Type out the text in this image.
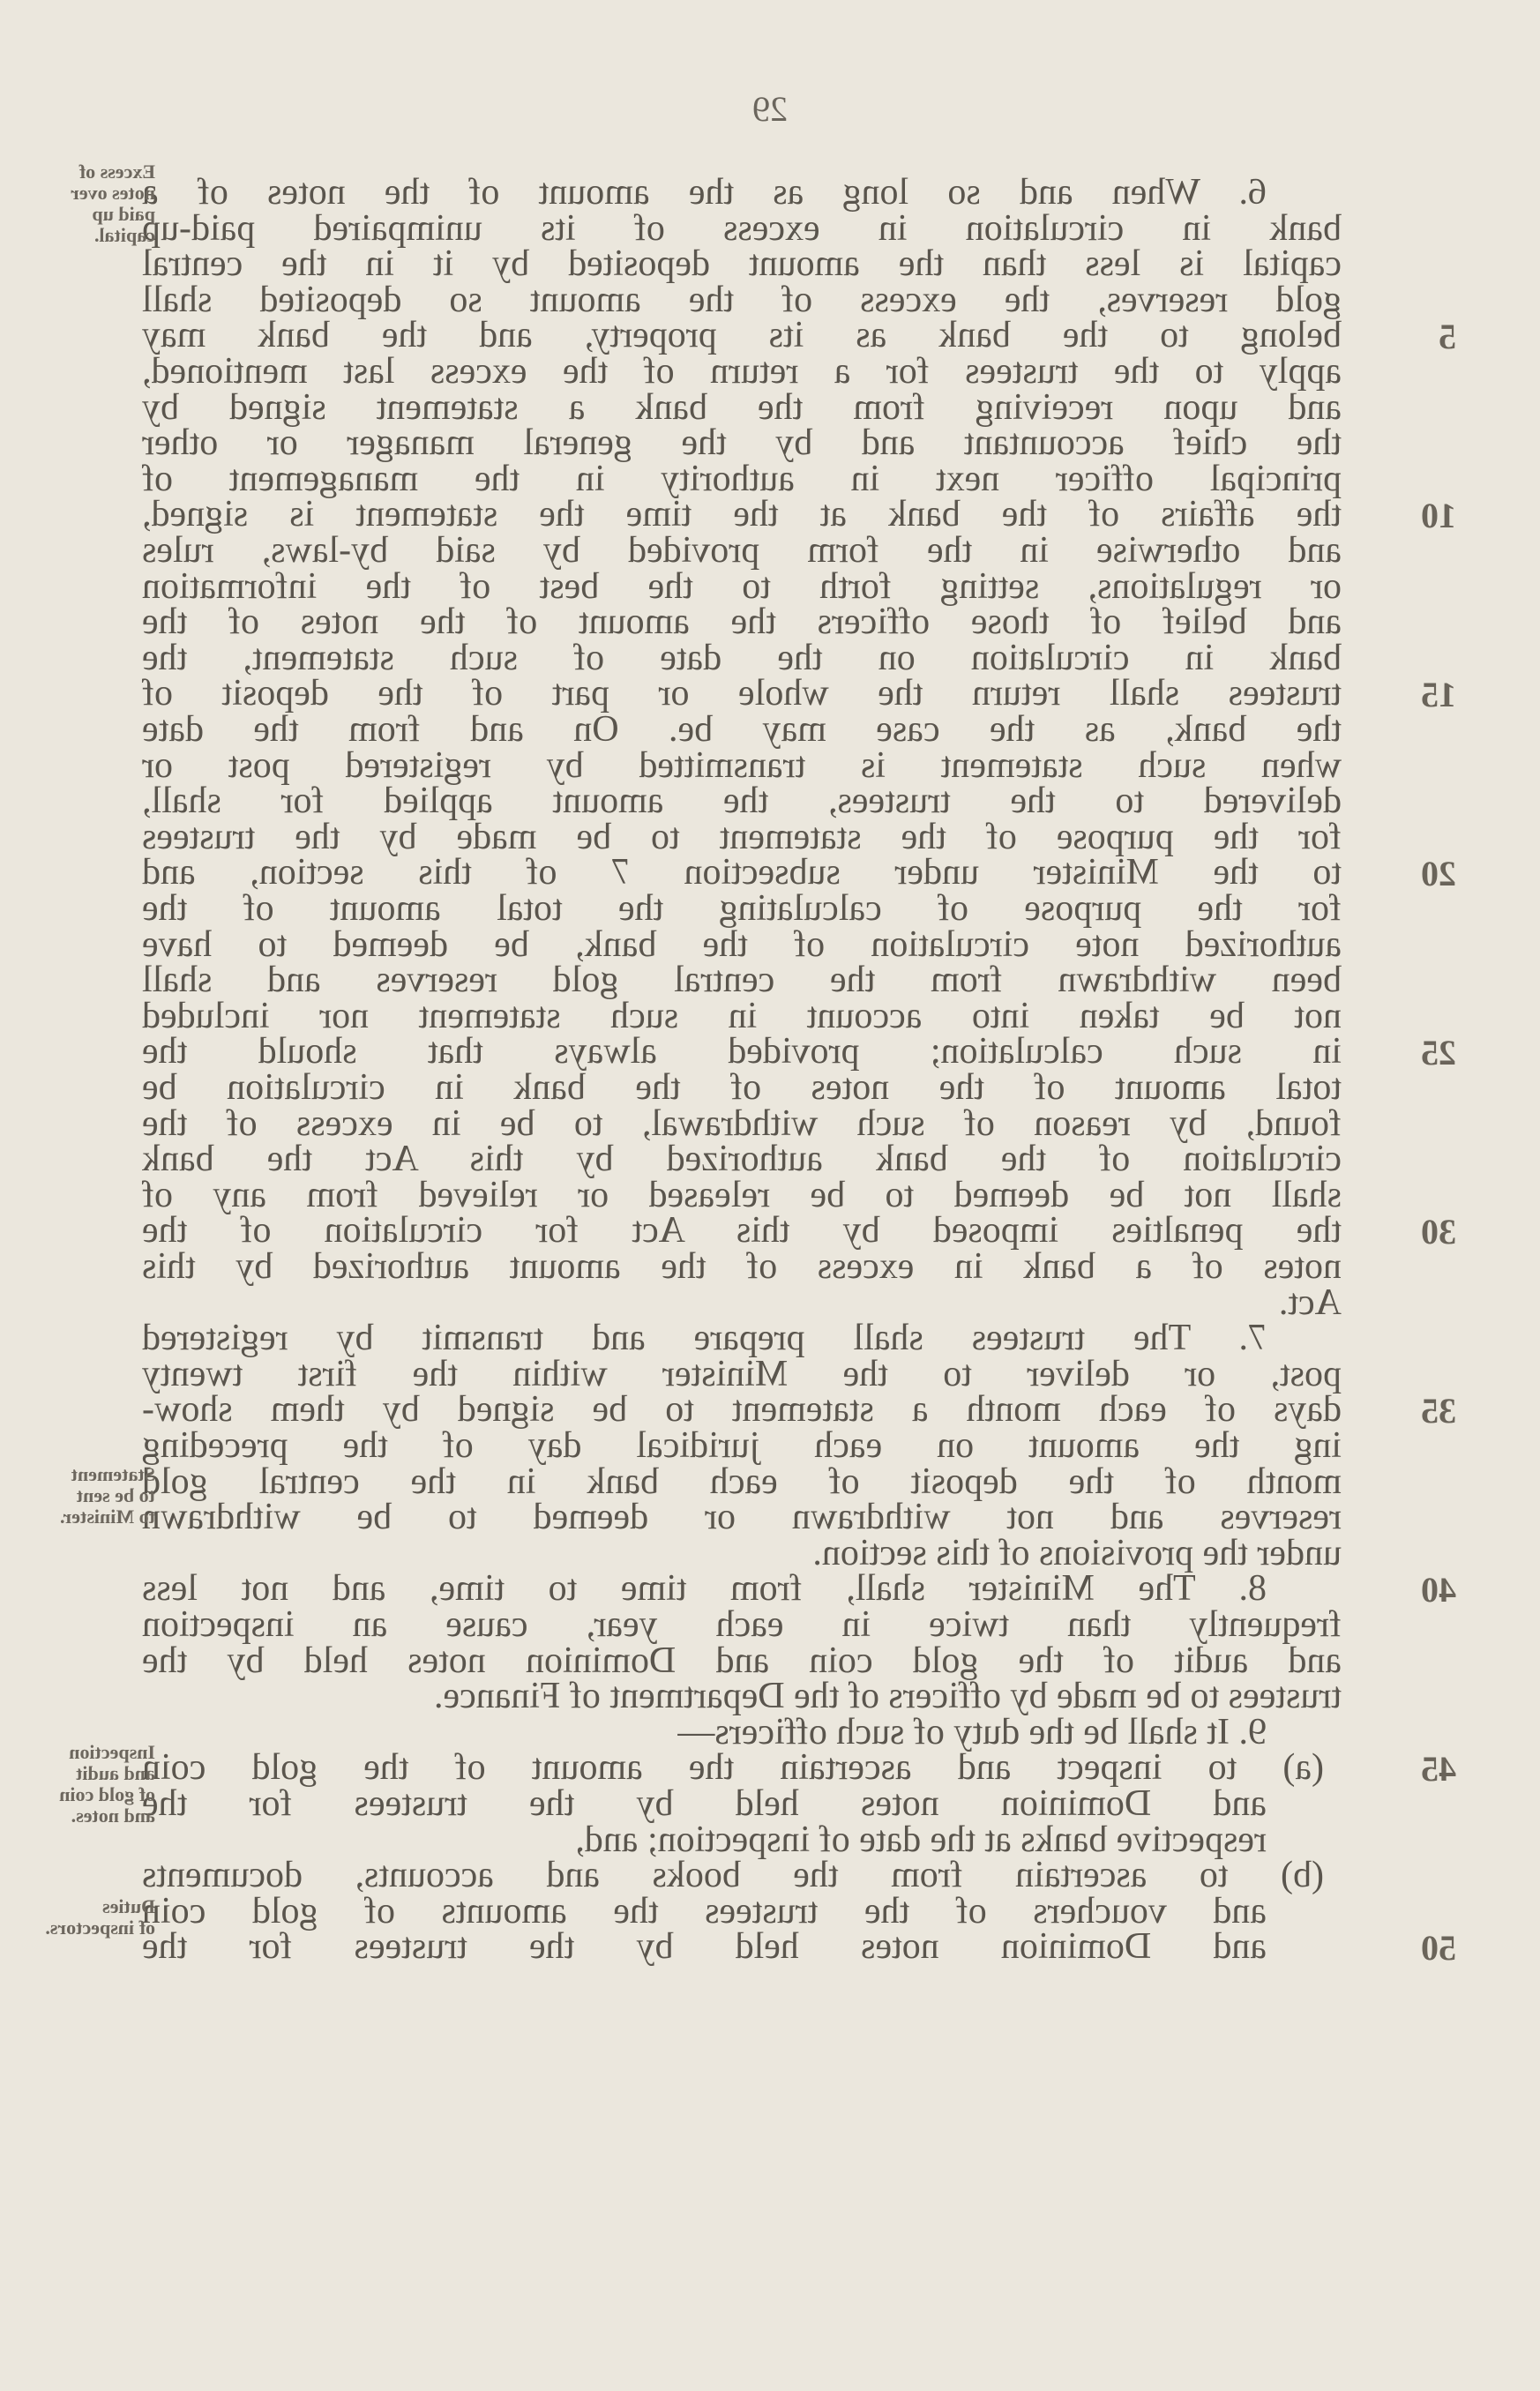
29
6. When and so long as the amount of the notes of a
bank in circulation in excess of its unimpaired paid-up
capital is less than the amount deposited by it in the central
gold reserves, the excess of the amount so deposited shall
belong to the bank as its property, and the bank may
apply to the trustees for a return of the excess last mentioned,
and upon receiving from the bank a statement signed by
the chief accountant and by the general manager or other
principal officer next in authority in the management of
the affairs of the bank at the time the statement is signed,
and otherwise in the form provided by said by-laws, rules
or regulations, setting forth to the best of the information
and belief of those officers the amount of the notes of the
bank in circulation on the date of such statement, the
trustees shall return the whole or part of the deposit of
the bank, as the case may be. On and from the date
when such statement is transmitted by registered post or
delivered to the trustees, the amount applied for shall,
for the purpose of the statement to be made by the trustees
to the Minister under subsection 7 of this section, and
for the purpose of calculating the total amount of the
authorized note circulation of the bank, be deemed to have
been withdrawn from the central gold reserves and shall
not be taken into account in such statement nor included
in such calculation; provided always that should the
total amount of the notes of the bank in circulation be
found, by reason of such withdrawal, to be in excess of the
circulation of the bank authorized by this Act the bank
shall not be deemed to be released or relieved from any of
the penalties imposed by this Act for circulation of the
notes of a bank in excess of the amount authorized by this
Act.
7. The trustees shall prepare and transmit by registered
post, or deliver to the Minister within the first twenty
days of each month a statement to be signed by them show-
ing the amount on each juridical day of the preceding
month of the deposit of each bank in the central gold
reserves and not withdrawn or deemed to be withdrawn
under the provisions of this section.
8. The Minister shall, from time to time, and not less
frequently than twice in each year, cause an inspection
and audit of the gold coin and Dominion notes held by the
trustees to be made by officers of the Department of Finance.
9. It shall be the duty of such officers—
(a) to inspect and ascertain the amount of the gold coin
and Dominion notes held by the trustees for the
respective banks at the date of inspection; and,
(b) to ascertain from the books and accounts, documents
and vouchers of the trustees the amounts of gold coin
and Dominion notes held by the trustees for the
5
10
15
20
25
30
35
40
45
50
Excess of
notes over
paid up
capital.
Statement
to be sent
to Minister.
Inspection
and audit
of gold coin
and notes.
Duties
of inspectors.
